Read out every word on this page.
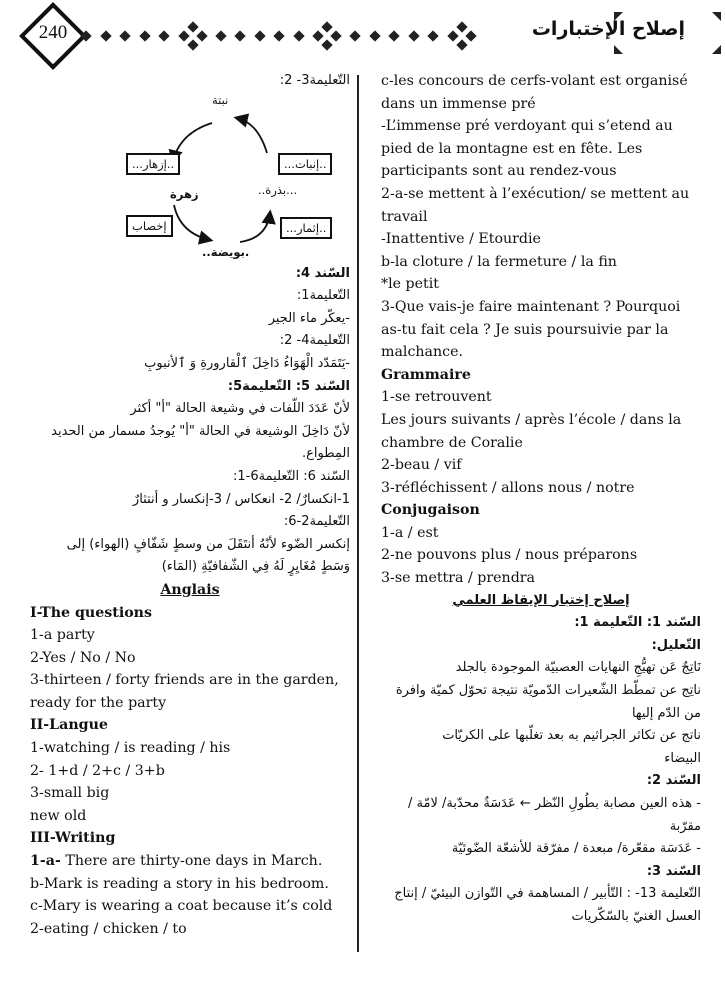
240	إصلاح الإختبارات
التّعليمة3- 2:
نبتة
..إزهار...	..إنبات...
زهرة	...بذرة..
إخصاب	..إثمار...
.بويضة..
السّند 4:
التّعليمة1:
-يعكّر ماء الجير
التّعليمة4- 2:
-يَتَمَدّد الْهَوَاءُ دَاخِلَ ٱلْقارورةِ وَ ٱلأنبوبِ
السّند 5: التّعليمة5:
لأنّ عَدَدَ اللّفات في وشيعة الحالة "أ" أكثر
لأنّ دَاخِلَ الوشيعة في الحالة "أ" يُوجدُ مسمار من الحديد
المِطواع.
السّند 6: التّعليمة6-1:
1-انكسارٌ/ 2- انعكاس / 3-إنكسار و أنتثارٌ
التّعليمة2-6:
إنكسر الضّوء لأنّهُ أنتَقَلَ من وسطٍ شَفّافٍ (الهواء) إلى
وَسَطٍ مُغَايِرٍ لَهُ فِي الشّفافيّةِ (المَاء)
Anglais
I-The questions
1-a party
2-Yes / No / No
3-thirteen / forty friends are in the garden,
ready for the party
II-Langue
1-watching / is reading / his
2- 1+d / 2+c / 3+b
3-small big
new old
III-Writing
1-a- There are thirty-one days in March.
b-Mark is reading a story in his bedroom.
c-Mary is wearing a coat because it’s cold
2-eating / chicken / to
c-les concours de cerfs-volant est organisé
dans un immense pré
-L’immense pré verdoyant qui s’etend au
pied de la montagne est en fête. Les
participants sont au rendez-vous
2-a-se mettent à l’exécution/ se mettent au
travail
-Inattentive / Etourdie
b-la cloture / la fermeture / la fin
*le petit
3-Que vais-je faire maintenant ? Pourquoi
as-tu fait cela ? Je suis poursuivie par la
malchance.
Grammaire
1-se retrouvent
Les jours suivants / après l’école / dans la
chambre de Coralie
2-beau / vif
3-réfléchissent / allons nous / notre
Conjugaison
1-a / est
2-ne pouvons plus / nous préparons
3-se mettra / prendra
إصلاح إختبار الإيقاظ العلمي
السّند 1: التّعليمة 1:
التّعليل:
نَاتِجٌ عَن تهيُّجِ النهايات العصبيّة الموجودة بالجلد
ناتِج عن تمطّط الشّعيرات الدّمويّة نتيجة تحوّل كميّة وافرة
من الدّم إليها
ناتج عن تكاثر الجراثيم به بعد تغلّبها على الكريّات
البيضاء
السّند 2:
- هذه العين مصابة بطُولِ النّظر ← عَدَسَةٌ محدّبة/ لامّة /
مقرّبة
- عَدَسَة مقعّرة/ مبعدة / مفرّقة للأشعّة الضّوئيّة
السّند 3:
التّعليمة 13- : التّأبير / المساهمة في التّوازن البيئيّ / إنتاج
العسل الغنيّ بالسّكّريات
